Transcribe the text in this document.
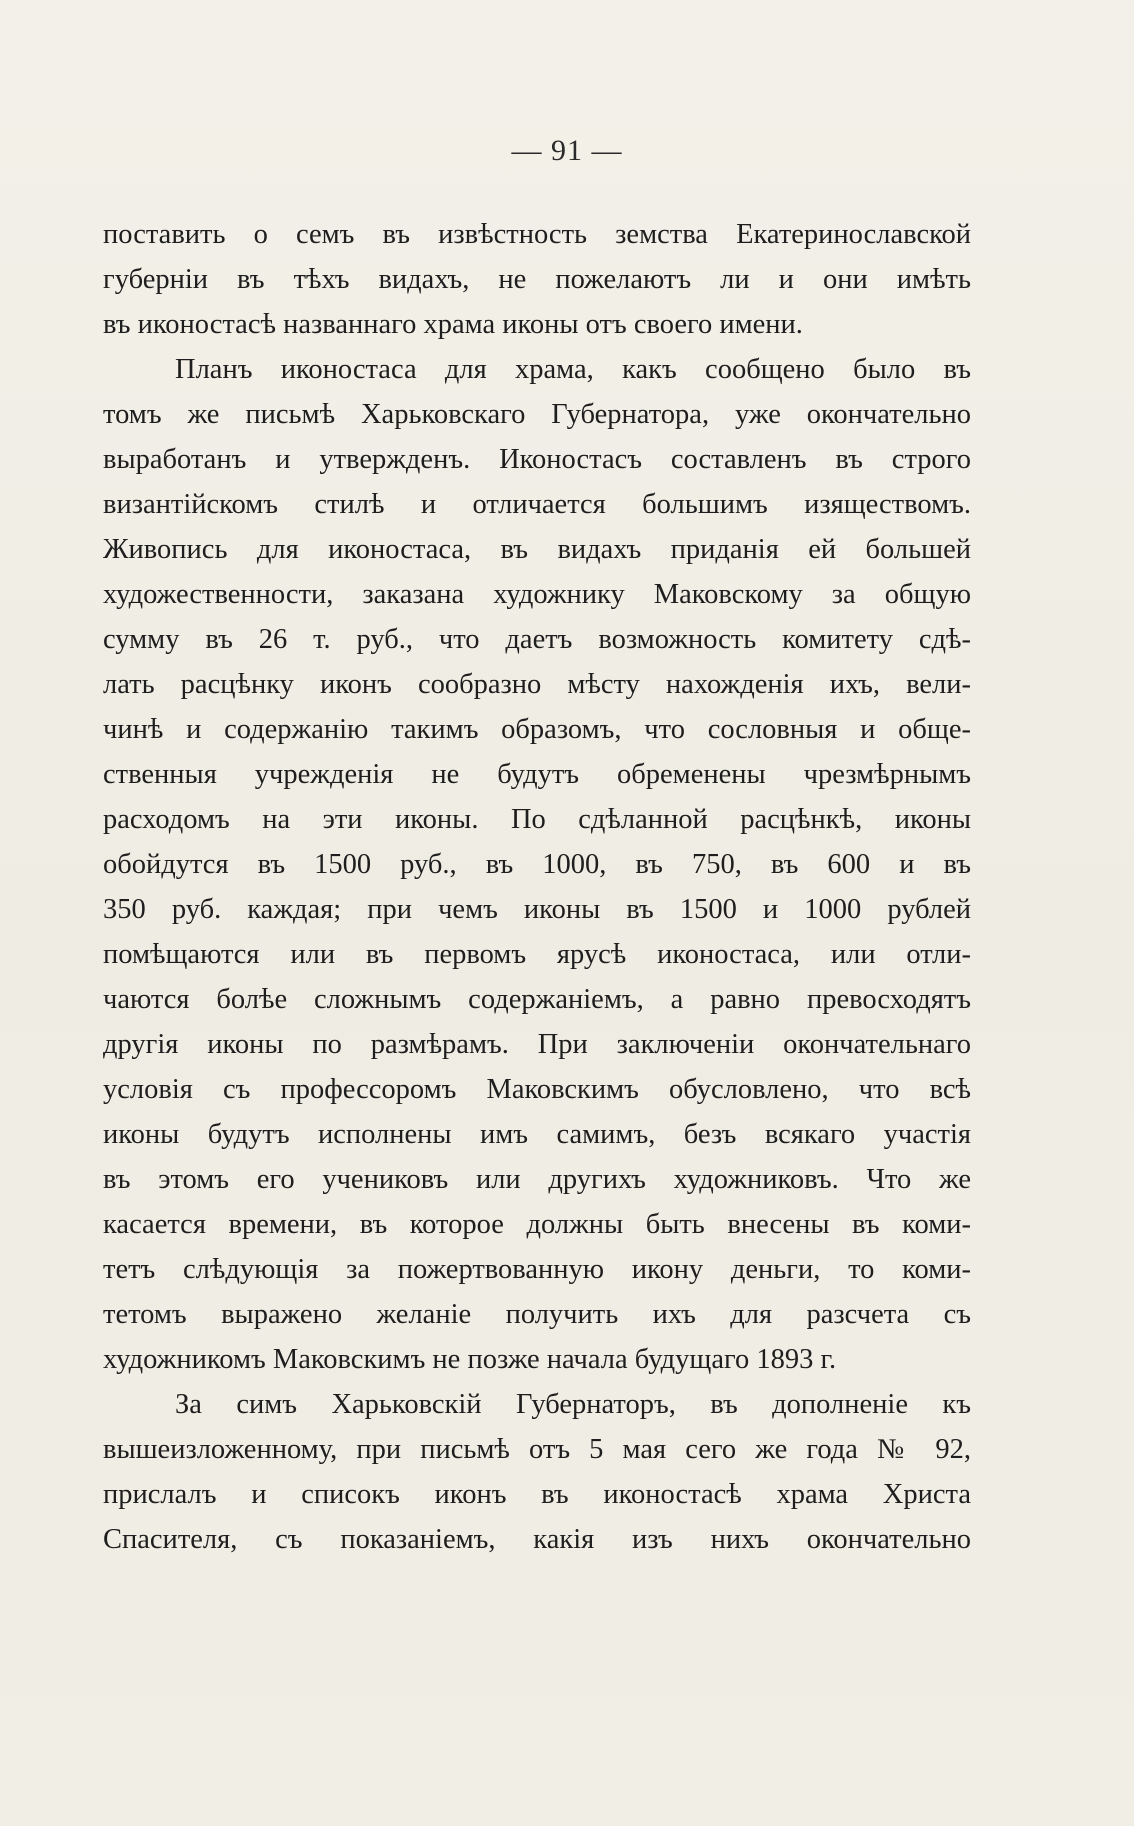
— 91 —
поставить о семъ въ извѣстность земства Екатеринославской
губерніи въ тѣхъ видахъ, не пожелаютъ ли и они имѣть
въ иконостасѣ названнаго храма иконы отъ своего имени.
Планъ иконостаса для храма, какъ сообщено было въ
томъ же письмѣ Харьковскаго Губернатора, уже окончательно
выработанъ и утвержденъ. Иконостасъ составленъ въ строго
византійскомъ стилѣ и отличается большимъ изяществомъ.
Живопись для иконостаса, въ видахъ приданія ей большей
художественности, заказана художнику Маковскому за общую
сумму въ 26 т. руб., что даетъ возможность комитету сдѣ-
лать расцѣнку иконъ сообразно мѣсту нахожденія ихъ, вели-
чинѣ и содержанію такимъ образомъ, что сословныя и обще-
ственныя учрежденія не будутъ обременены чрезмѣрнымъ
расходомъ на эти иконы. По сдѣланной расцѣнкѣ, иконы
обойдутся въ 1500 руб., въ 1000, въ 750, въ 600 и въ
350 руб. каждая; при чемъ иконы въ 1500 и 1000 рублей
помѣщаются или въ первомъ ярусѣ иконостаса, или отли-
чаются болѣе сложнымъ содержаніемъ, а равно превосходятъ
другія иконы по размѣрамъ. При заключеніи окончательнаго
условія съ профессоромъ Маковскимъ обусловлено, что всѣ
иконы будутъ исполнены имъ самимъ, безъ всякаго участія
въ этомъ его учениковъ или другихъ художниковъ. Что же
касается времени, въ которое должны быть внесены въ коми-
тетъ слѣдующія за пожертвованную икону деньги, то коми-
тетомъ выражено желаніе получить ихъ для разсчета съ
художникомъ Маковскимъ не позже начала будущаго 1893 г.
За симъ Харьковскій Губернаторъ, въ дополненіе къ
вышеизложенному, при письмѣ отъ 5 мая сего же года № 92,
прислалъ и списокъ иконъ въ иконостасѣ храма Христа
Спасителя, съ показаніемъ, какія изъ нихъ окончательно
